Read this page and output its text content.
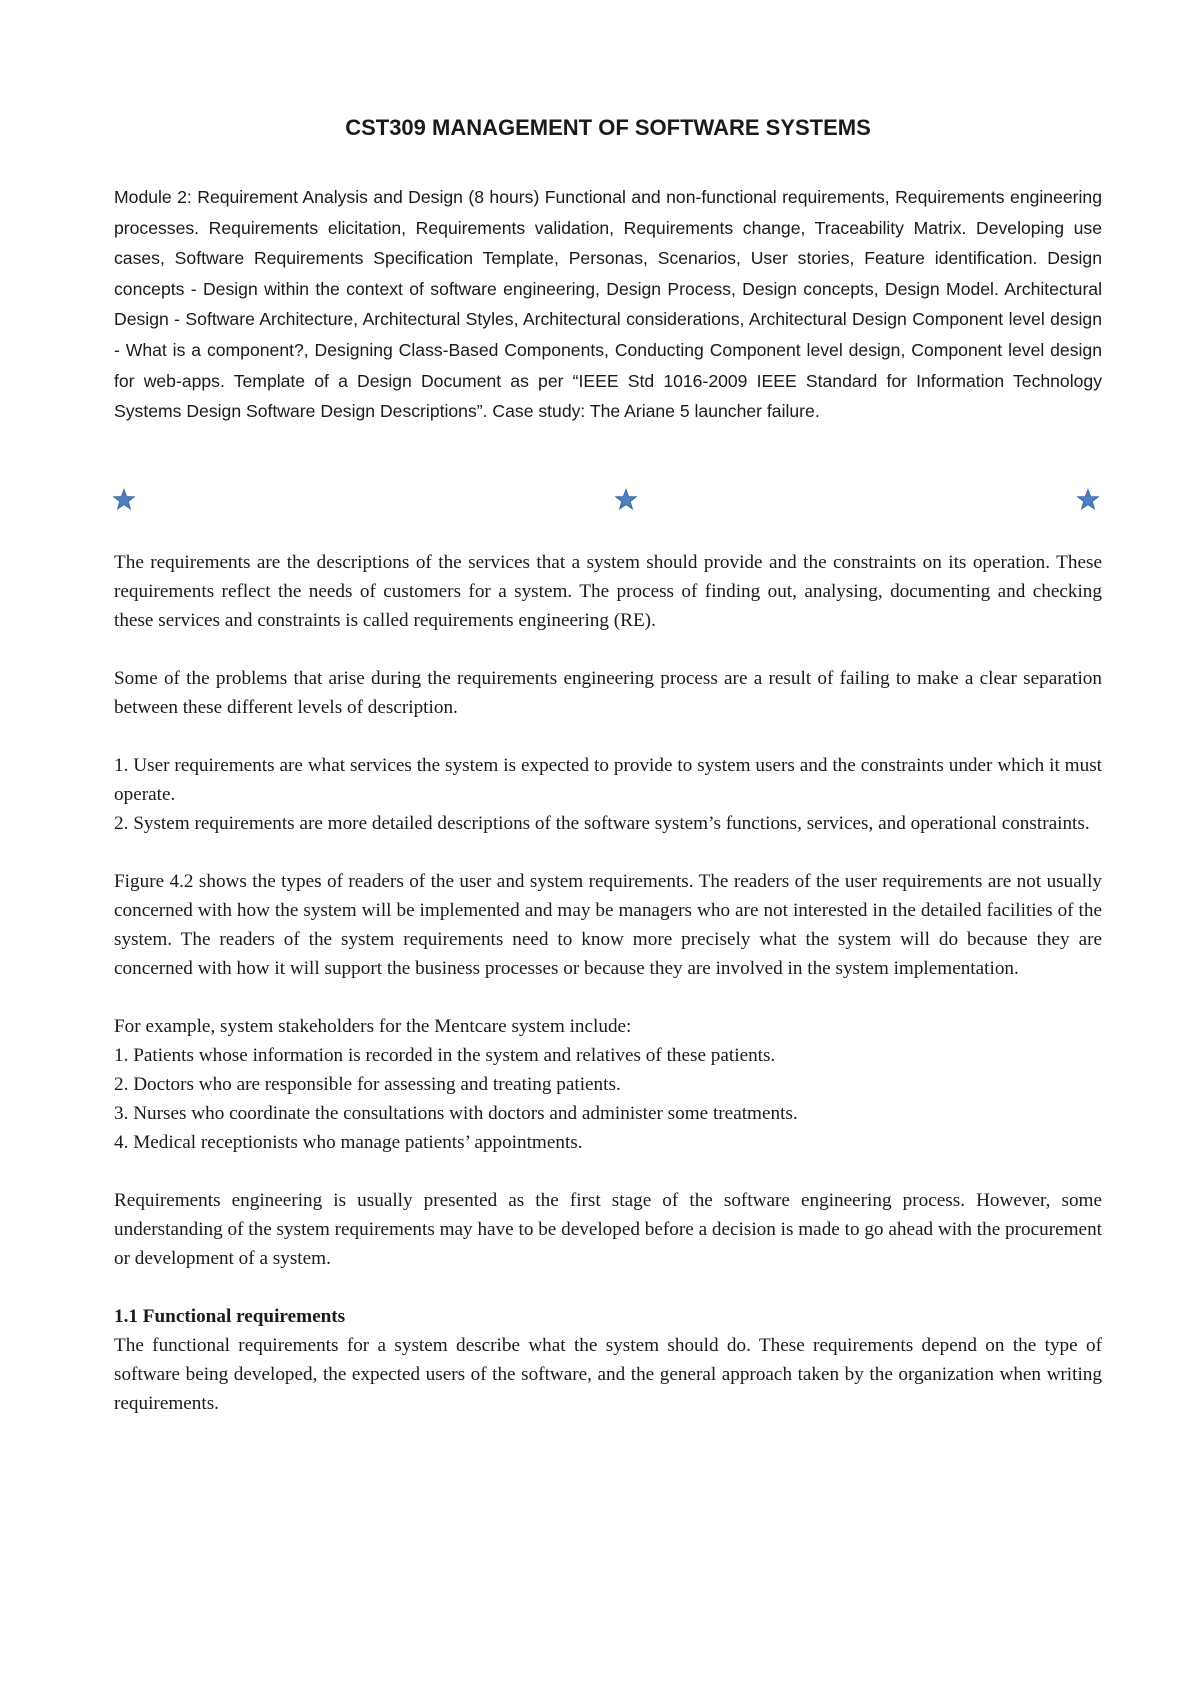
CST309 MANAGEMENT OF SOFTWARE SYSTEMS

Module 2: Requirement Analysis and Design (8 hours) Functional and non-functional requirements, Requirements engineering processes. Requirements elicitation, Requirements validation, Requirements change, Traceability Matrix. Developing use cases, Software Requirements Specification Template, Personas, Scenarios, User stories, Feature identification. Design concepts - Design within the context of software engineering, Design Process, Design concepts, Design Model. Architectural Design - Software Architecture, Architectural Styles, Architectural considerations, Architectural Design Component level design - What is a component?, Designing Class-Based Components, Conducting Component level design, Component level design for web-apps. Template of a Design Document as per “IEEE Std 1016-2009 IEEE Standard for Information Technology Systems Design Software Design Descriptions”. Case study: The Ariane 5 launcher failure.

The requirements are the descriptions of the services that a system should provide and the constraints on its operation. These requirements reflect the needs of customers for a system. The process of finding out, analysing, documenting and checking these services and constraints is called requirements engineering (RE).

Some of the problems that arise during the requirements engineering process are a result of failing to make a clear separation between these different levels of description.

1. User requirements are what services the system is expected to provide to system users and the constraints under which it must operate.

2. System requirements are more detailed descriptions of the software system’s functions, services, and operational constraints.

Figure 4.2 shows the types of readers of the user and system requirements. The readers of the user requirements are not usually concerned with how the system will be implemented and may be managers who are not interested in the detailed facilities of the system. The readers of the system requirements need to know more precisely what the system will do because they are concerned with how it will support the business processes or because they are involved in the system implementation.

For example, system stakeholders for the Mentcare system include:

1. Patients whose information is recorded in the system and relatives of these patients.

2. Doctors who are responsible for assessing and treating patients.

3. Nurses who coordinate the consultations with doctors and administer some treatments.

4. Medical receptionists who manage patients’ appointments.

Requirements engineering is usually presented as the first stage of the software engineering process. However, some understanding of the system requirements may have to be developed before a decision is made to go ahead with the procurement or development of a system.

1.1 Functional requirements

The functional requirements for a system describe what the system should do. These requirements depend on the type of software being developed, the expected users of the software, and the general approach taken by the organization when writing requirements.
